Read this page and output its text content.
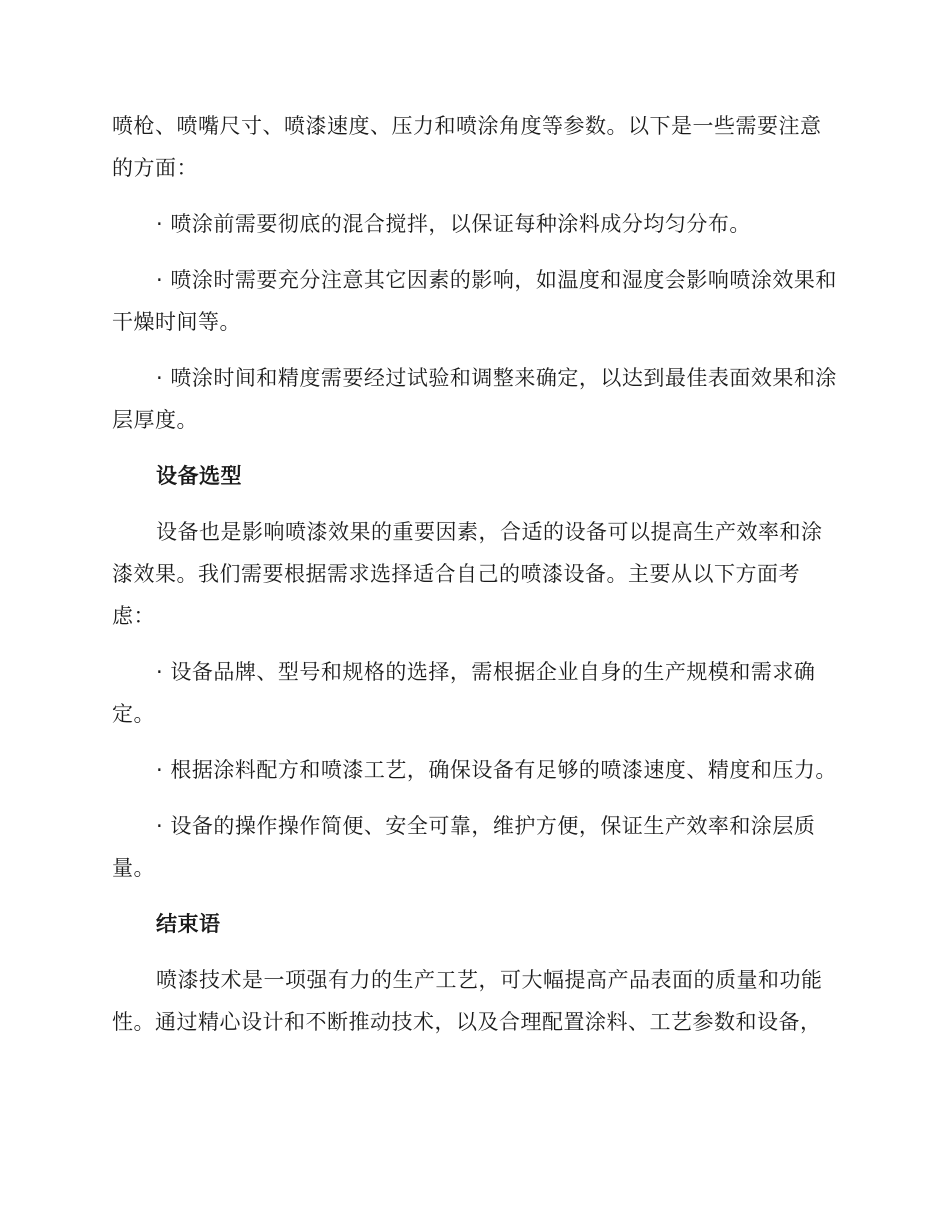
喷枪、喷嘴尺寸、喷漆速度、压力和喷涂角度等参数。以下是一些需要注意的方面：

· 喷涂前需要彻底的混合搅拌，以保证每种涂料成分均匀分布。

· 喷涂时需要充分注意其它因素的影响，如温度和湿度会影响喷涂效果和干燥时间等。

· 喷涂时间和精度需要经过试验和调整来确定，以达到最佳表面效果和涂层厚度。

设备选型

设备也是影响喷漆效果的重要因素，合适的设备可以提高生产效率和涂漆效果。我们需要根据需求选择适合自己的喷漆设备。主要从以下方面考虑：

· 设备品牌、型号和规格的选择，需根据企业自身的生产规模和需求确定。

· 根据涂料配方和喷漆工艺，确保设备有足够的喷漆速度、精度和压力。

· 设备的操作操作简便、安全可靠，维护方便，保证生产效率和涂层质量。

结束语

喷漆技术是一项强有力的生产工艺，可大幅提高产品表面的质量和功能性。通过精心设计和不断推动技术，以及合理配置涂料、工艺参数和设备，
